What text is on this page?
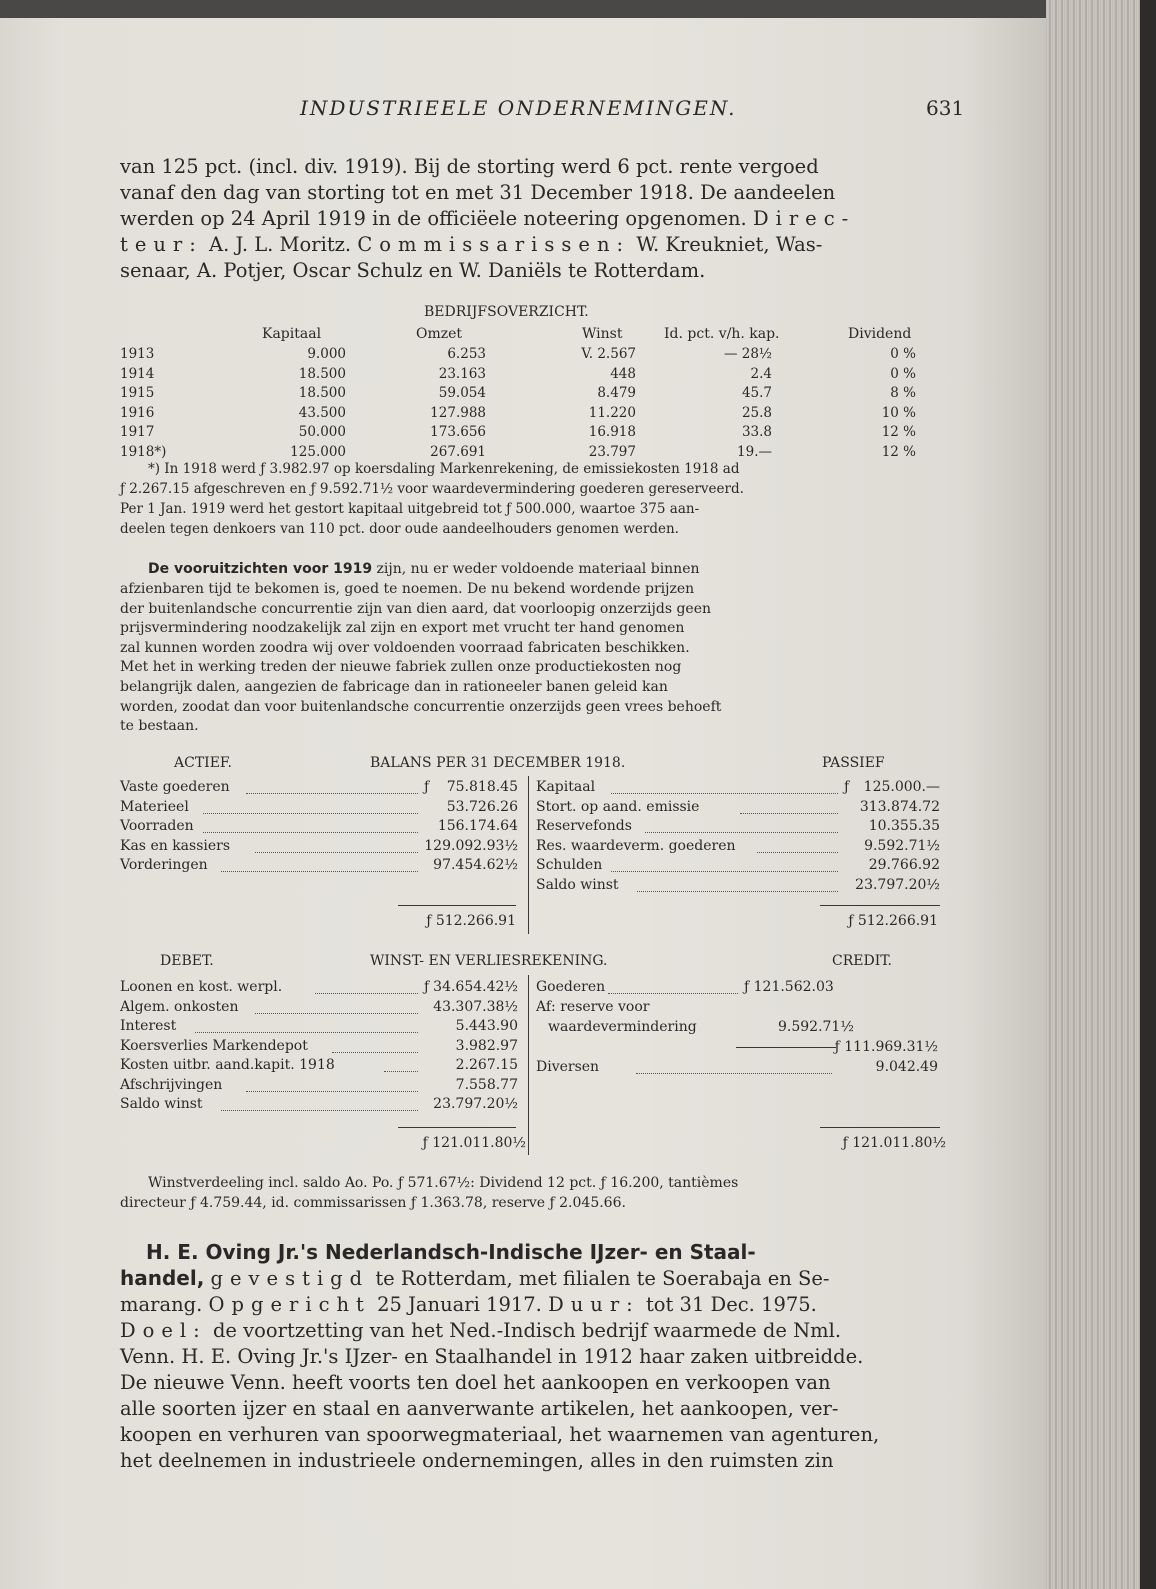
INDUSTRIEELE ONDERNEMINGEN.	631
van 125 pct. (incl. div. 1919). Bij de storting werd 6 pct. rente vergoed
vanaf den dag van storting tot en met 31 December 1918. De aandeelen
werden op 24 April 1919 in de officiëele noteering opgenomen. Direc-
teur: A. J. L. Moritz. Commissarissen: W. Kreukniet, Was-
senaar, A. Potjer, Oscar Schulz en W. Daniëls te Rotterdam.
BEDRIJFSOVERZICHT.
Kapitaal	Omzet	Winst	Id. pct. v/h. kap.	Dividend
1913	9.000	6.253	V. 2.567	— 28½	0 %
1914	18.500	23.163	448	2.4	0 %
1915	18.500	59.054	8.479	45.7	8 %
1916	43.500	127.988	11.220	25.8	10 %
1917	50.000	173.656	16.918	33.8	12 %
1918*)	125.000	267.691	23.797	19.—	12 %
*) In 1918 werd ƒ 3.982.97 op koersdaling Markenrekening, de emissiekosten 1918 ad
ƒ 2.267.15 afgeschreven en ƒ 9.592.71½ voor waardevermindering goederen gereserveerd.
Per 1 Jan. 1919 werd het gestort kapitaal uitgebreid tot ƒ 500.000, waartoe 375 aan-
deelen tegen denkoers van 110 pct. door oude aandeelhouders genomen werden.
De vooruitzichten voor 1919 zijn, nu er weder voldoende materiaal binnen
afzienbaren tijd te bekomen is, goed te noemen. De nu bekend wordende prijzen
der buitenlandsche concurrentie zijn van dien aard, dat voorloopig onzerzijds geen
prijsvermindering noodzakelijk zal zijn en export met vrucht ter hand genomen
zal kunnen worden zoodra wij over voldoenden voorraad fabricaten beschikken.
Met het in werking treden der nieuwe fabriek zullen onze productiekosten nog
belangrijk dalen, aangezien de fabricage dan in rationeeler banen geleid kan
worden, zoodat dan voor buitenlandsche concurrentie onzerzijds geen vrees behoeft
te bestaan.
ACTIEF.	BALANS PER 31 DECEMBER 1918.	PASSIEF
Vaste goederen	ƒ	75.818.45
Materieel	53.726.26
Voorraden	156.174.64
Kas en kassiers	129.092.93½
Vorderingen	97.454.62½
Kapitaal	ƒ	125.000.—
Stort. op aand. emissie	313.874.72
Reservefonds	10.355.35
Res. waardeverm. goederen	9.592.71½
Schulden	29.766.92
Saldo winst	23.797.20½
ƒ 512.266.91	ƒ 512.266.91
DEBET.	WINST- EN VERLIESREKENING.	CREDIT.
Loonen en kost. werpl.	ƒ 34.654.42½
Algem. onkosten	43.307.38½
Interest	5.443.90
Koersverlies Markendepot	3.982.97
Kosten uitbr. aand.kapit. 1918	2.267.15
Afschrijvingen	7.558.77
Saldo winst	23.797.20½
Goederen	ƒ 121.562.03
Af: reserve voor
waardevermindering	9.592.71½
ƒ 111.969.31½
Diversen	9.042.49
ƒ 121.011.80½	ƒ 121.011.80½
Winstverdeeling incl. saldo Ao. Po. ƒ 571.67½: Dividend 12 pct. ƒ 16.200, tantièmes
directeur ƒ 4.759.44, id. commissarissen ƒ 1.363.78, reserve ƒ 2.045.66.
H. E. Oving Jr.'s Nederlandsch-Indische IJzer- en Staal-
handel, gevestigd te Rotterdam, met filialen te Soerabaja en Se-
marang. Opgericht 25 Januari 1917. Duur: tot 31 Dec. 1975.
Doel: de voortzetting van het Ned.-Indisch bedrijf waarmede de Nml.
Venn. H. E. Oving Jr.'s IJzer- en Staalhandel in 1912 haar zaken uitbreidde.
De nieuwe Venn. heeft voorts ten doel het aankoopen en verkoopen van
alle soorten ijzer en staal en aanverwante artikelen, het aankoopen, ver-
koopen en verhuren van spoorwegmateriaal, het waarnemen van agenturen,
het deelnemen in industrieele ondernemingen, alles in den ruimsten zin
